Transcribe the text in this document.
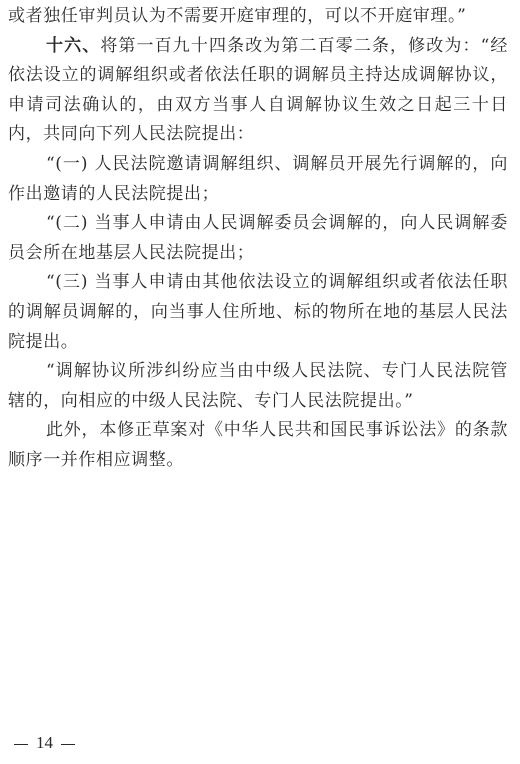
或者独任审判员认为不需要开庭审理的，可以不开庭审理。”

十六、将第一百九十四条改为第二百零二条，修改为：“经依法设立的调解组织或者依法任职的调解员主持达成调解协议，申请司法确认的，由双方当事人自调解协议生效之日起三十日内，共同向下列人民法院提出：

“(一) 人民法院邀请调解组织、调解员开展先行调解的，向作出邀请的人民法院提出；

“(二) 当事人申请由人民调解委员会调解的，向人民调解委员会所在地基层人民法院提出；

“(三) 当事人申请由其他依法设立的调解组织或者依法任职的调解员调解的，向当事人住所地、标的物所在地的基层人民法院提出。

“调解协议所涉纠纷应当由中级人民法院、专门人民法院管辖的，向相应的中级人民法院、专门人民法院提出。”

此外，本修正草案对《中华人民共和国民事诉讼法》的条款顺序一并作相应调整。

14
